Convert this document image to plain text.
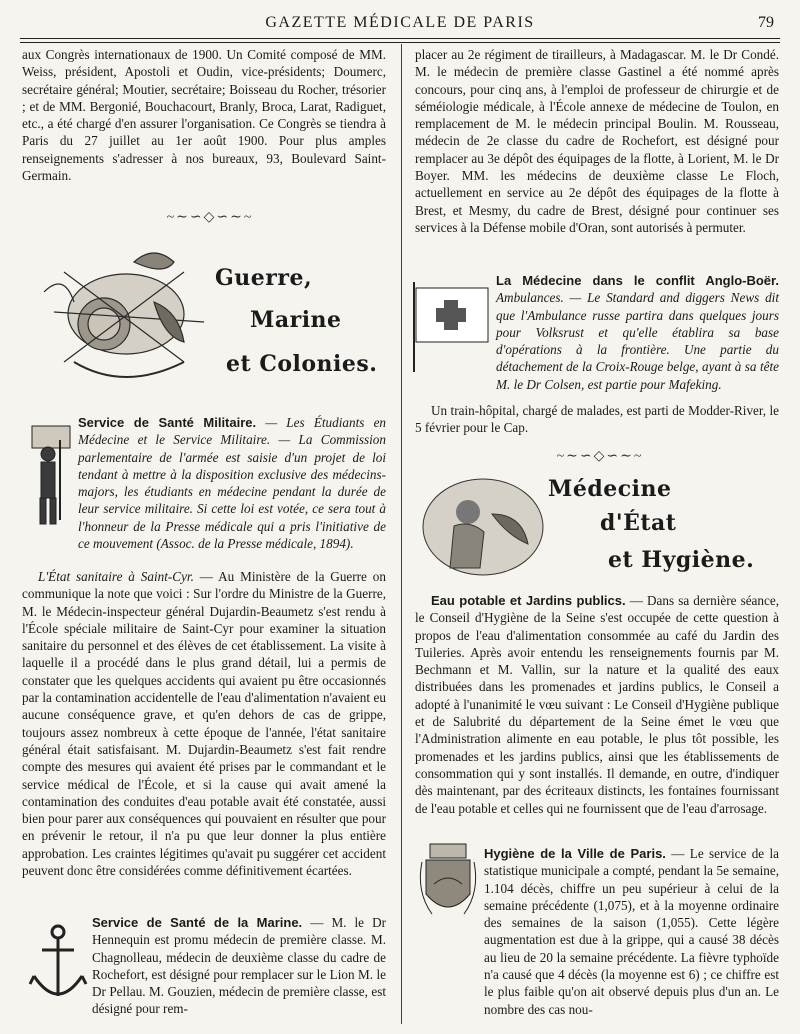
GAZETTE MÉDICALE DE PARIS	79

aux Congrès internationaux de 1900. Un Comité composé de MM. Weiss, président, Apostoli et Oudin, vice-présidents; Doumerc, secrétaire général; Moutier, secrétaire; Boisseau du Rocher, trésorier ; et de MM. Bergonié, Bouchacourt, Branly, Broca, Larat, Radiguet, etc., a été chargé d'en assurer l'organisation. Ce Congrès se tiendra à Paris du 27 juillet au 1er août 1900. Pour plus amples renseignements s'adresser à nos bureaux, 93, Boulevard Saint-Germain.

~∼∽◇∽∼~
Guerre,
Marine
et Colonies.

Service de Santé Militaire. — Les Étudiants en Médecine et le Service Militaire. — La Commission parlementaire de l'armée est saisie d'un projet de loi tendant à mettre à la disposition exclusive des médecins-majors, les étudiants en médecine pendant la durée de leur service militaire. Si cette loi est votée, ce sera tout à l'honneur de la Presse médicale qui a pris l'initiative de ce mouvement (Assoc. de la Presse médicale, 1894).

L'État sanitaire à Saint-Cyr. — Au Ministère de la Guerre on communique la note que voici : Sur l'ordre du Ministre de la Guerre, M. le Médecin-inspecteur général Dujardin-Beaumetz s'est rendu à l'École spéciale militaire de Saint-Cyr pour examiner la situation sanitaire du personnel et des élèves de cet établissement. La visite à laquelle il a procédé dans le plus grand détail, lui a permis de constater que les quelques accidents qui avaient pu être occasionnés par la contamination accidentelle de l'eau d'alimentation n'avaient eu aucune conséquence grave, et qu'en dehors de cas de grippe, toujours assez nombreux à cette époque de l'année, l'état sanitaire général était satisfaisant. M. Dujardin-Beaumetz s'est fait rendre compte des mesures qui avaient été prises par le commandant et le service médical de l'École, et si la cause qui avait amené la contamination des conduites d'eau potable avait été constatée, aussi bien pour parer aux conséquences qui pouvaient en résulter que pour en prévenir le retour, il n'a pu que leur donner la plus entière approbation. Les craintes légitimes qu'avait pu suggérer cet accident peuvent donc être considérées comme définitivement écartées.

Service de Santé de la Marine. — M. le Dr Hennequin est promu médecin de première classe. M. Chagnolleau, médecin de deuxième classe du cadre de Rochefort, est désigné pour remplacer sur le Lion M. le Dr Pellau. M. Gouzien, médecin de première classe, est désigné pour rem-

placer au 2e régiment de tirailleurs, à Madagascar. M. le Dr Condé. M. le médecin de première classe Gastinel a été nommé après concours, pour cinq ans, à l'emploi de professeur de chirurgie et de séméiologie médicale, à l'École annexe de médecine de Toulon, en remplacement de M. le médecin principal Boulin. M. Rousseau, médecin de 2e classe du cadre de Rochefort, est désigné pour remplacer au 3e dépôt des équipages de la flotte, à Lorient, M. le Dr Boyer. MM. les médecins de deuxième classe Le Floch, actuellement en service au 2e dépôt des équipages de la flotte à Brest, et Mesmy, du cadre de Brest, désigné pour continuer ses services à la Défense mobile d'Oran, sont autorisés à permuter.

La Médecine dans le conflit Anglo-Boër. Ambulances. — Le Standard and diggers News dit que l'Ambulance russe partira dans quelques jours pour Volksrust et qu'elle établira sa base d'opérations à la frontière. Une partie du détachement de la Croix-Rouge belge, ayant à sa tête M. le Dr Colsen, est partie pour Mafeking.

Un train-hôpital, chargé de malades, est parti de Modder-River, le 5 février pour le Cap.

~∼∽◇∽∼~
Médecine
d'État
et Hygiène.

Eau potable et Jardins publics. — Dans sa dernière séance, le Conseil d'Hygiène de la Seine s'est occupée de cette question à propos de l'eau d'alimentation consommée au café du Jardin des Tuileries. Après avoir entendu les renseignements fournis par M. Bechmann et M. Vallin, sur la nature et la qualité des eaux distribuées dans les promenades et jardins publics, le Conseil a adopté à l'unanimité le vœu suivant : Le Conseil d'Hygiène publique et de Salubrité du département de la Seine émet le vœu que l'Administration alimente en eau potable, le plus tôt possible, les promenades et les jardins publics, ainsi que les établissements de consommation qui y sont installés. Il demande, en outre, d'indiquer dès maintenant, par des écriteaux distincts, les fontaines fournissant de l'eau potable et celles qui ne fournissent que de l'eau d'arrosage.

Hygiène de la Ville de Paris. — Le service de la statistique municipale a compté, pendant la 5e semaine, 1.104 décès, chiffre un peu supérieur à celui de la semaine précédente (1,075), et à la moyenne ordinaire des semaines de la saison (1,055). Cette légère augmentation est due à la grippe, qui a causé 38 décès au lieu de 20 la semaine précédente. La fièvre typhoïde n'a causé que 4 décès (la moyenne est 6) ; ce chiffre est le plus faible qu'on ait observé depuis plus d'un an. Le nombre des cas nou-
